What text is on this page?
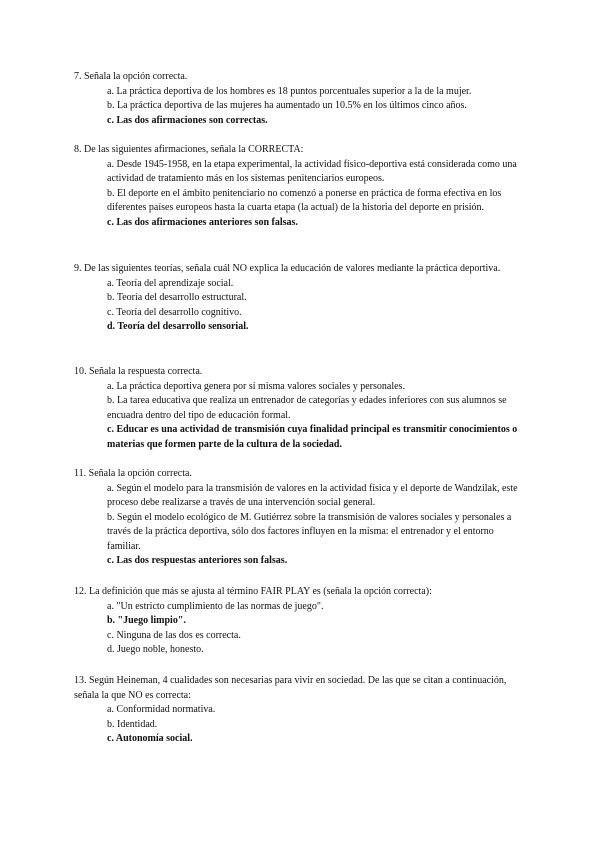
7. Señala la opción correcta.

a. La práctica deportiva de los hombres es 18 puntos porcentuales superior a la de la mujer.
b. La práctica deportiva de las mujeres ha aumentado un 10.5% en los últimos cinco años.
c. Las dos afirmaciones son correctas.

8. De las siguientes afirmaciones, señala la CORRECTA:

a. Desde 1945-1958, en la etapa experimental, la actividad físico-deportiva está considerada como una actividad de tratamiento más en los sistemas penitenciarios europeos.
b. El deporte en el ámbito penitenciario no comenzó a ponerse en práctica de forma efectiva en los diferentes países europeos hasta la cuarta etapa (la actual) de la historia del deporte en prisión.
c. Las dos afirmaciones anteriores son falsas.

9. De las siguientes teorías, señala cuál NO explica la educación de valores mediante la práctica deportiva.

a. Teoría del aprendizaje social.
b. Teoría del desarrollo estructural.
c. Teoría del desarrollo cognitivo.
d. Teoría del desarrollo sensorial.

10. Señala la respuesta correcta.

a. La práctica deportiva genera por sí misma valores sociales y personales.
b. La tarea educativa que realiza un entrenador de categorías y edades inferiores con sus alumnos se encuadra dentro del tipo de educación formal.
c. Educar es una actividad de transmisión cuya finalidad principal es transmitir conocimientos o materias que formen parte de la cultura de la sociedad.

11. Señala la opción correcta.

a. Según el modelo para la transmisión de valores en la actividad física y el deporte de Wandzilak, este proceso debe realizarse a través de una intervención social general.
b. Según el modelo ecológico de M. Gutiérrez sobre la transmisión de valores sociales y personales a través de la práctica deportiva, sólo dos factores influyen en la misma: el entrenador y el entorno familiar.
c. Las dos respuestas anteriores son falsas.

12. La definición que más se ajusta al término FAIR PLAY es (señala la opción correcta):

a. "Un estricto cumplimiento de las normas de juego".
b. "Juego limpio".
c. Ninguna de las dos es correcta.
d. Juego noble, honesto.

13. Según Heineman, 4 cualidades son necesarias para vivir en sociedad. De las que se citan a continuación, señala la que NO es correcta:

a. Conformidad normativa.
b. Identidad.
c. Autonomía social.
